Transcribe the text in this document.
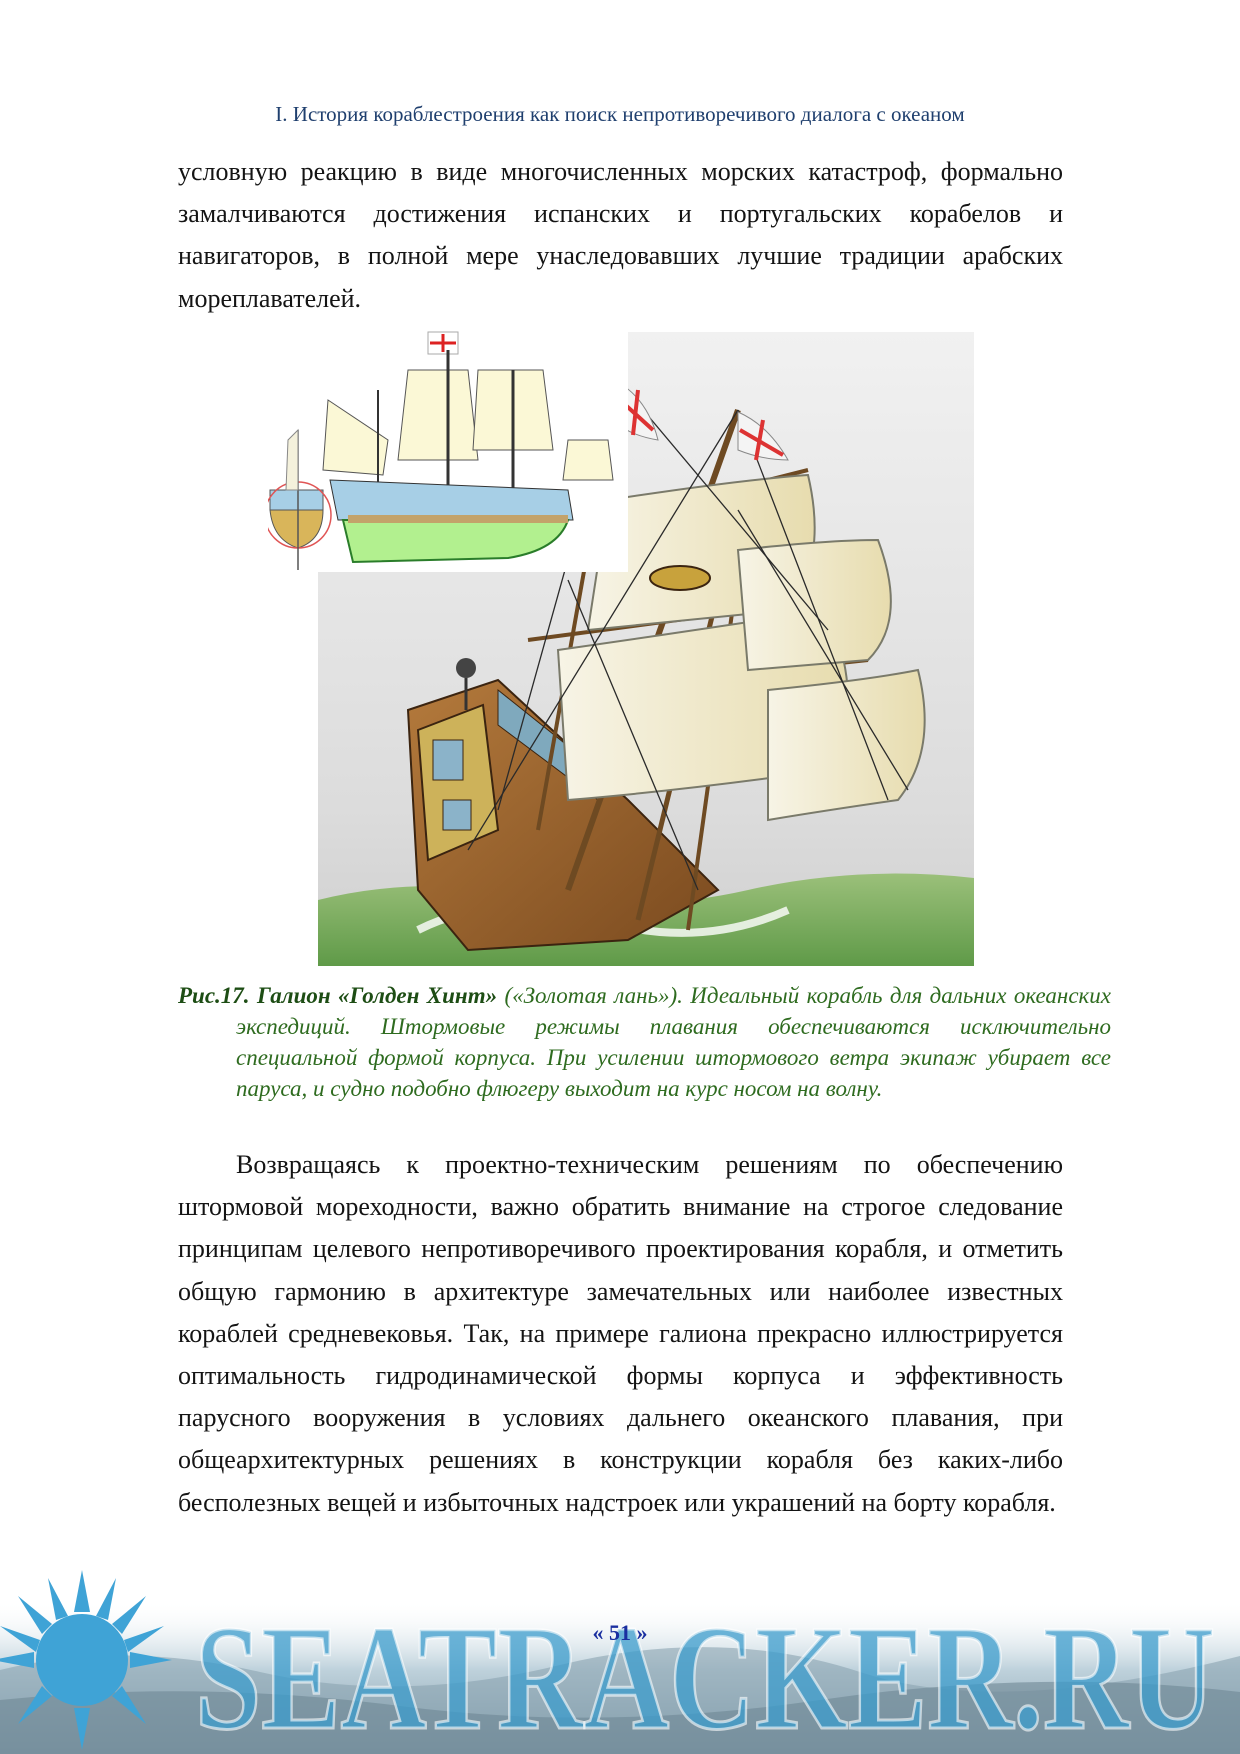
I. История кораблестроения как поиск непротиворечивого диалога с океаном

условную реакцию в виде многочисленных морских катастроф, формально замалчиваются достижения испанских и португальских корабелов и навигаторов, в полной мере унаследовавших лучшие традиции арабских мореплавателей.

Рис.17. Галион «Голден Хинт» («Золотая лань»). Идеальный корабль для дальних океанских экспедиций. Штормовые режимы плавания обеспечиваются исключительно специальной формой корпуса. При усилении штормового ветра экипаж убирает все паруса, и судно подобно флюгеру выходит на курс носом на волну.

Возвращаясь к проектно-техническим решениям по обеспечению штормовой мореходности, важно обратить внимание на строгое следование принципам целевого непротиворечивого проектирования корабля, и отметить общую гармонию в архитектуре замечательных или наиболее известных кораблей средневековья. Так, на примере галиона прекрасно иллюстрируется оптимальность гидродинамической формы корпуса и эффективность парусного вооружения в условиях дальнего океанского плавания, при общеархитектурных решениях в конструкции корабля без каких-либо бесполезных вещей и избыточных надстроек или украшений на борту корабля.

SEATRACKER.RU
« 51 »
